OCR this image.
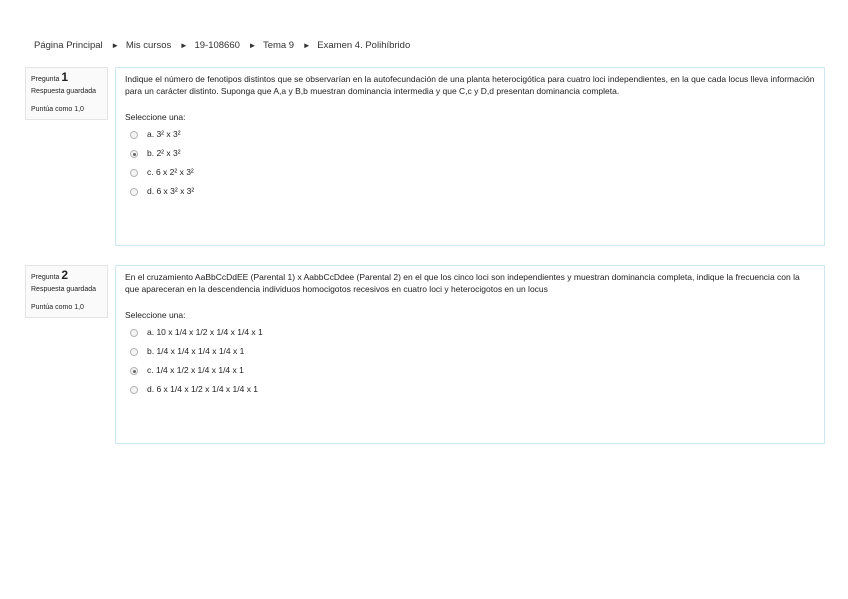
Página Principal ► Mis cursos ► 19-108660 ► Tema 9 ► Examen 4. Polihíbrido
Pregunta 1
Respuesta guardada
Puntúa como 1,0

Indique el número de fenotipos distintos que se observarían en la autofecundación de una planta heterocigótica para cuatro loci independientes, en la que cada locus lleva información para un carácter distinto. Suponga que A,a y B,b muestran dominancia intermedia y que C,c y D,d presentan dominancia completa.

Seleccione una:
a. 3² x 3²
b. 2² x 3²
c. 6 x 2² x 3²
d. 6 x 3² x 3²
Pregunta 2
Respuesta guardada
Puntúa como 1,0

En el cruzamiento AaBbCcDdEE (Parental 1) x AabbCcDdee (Parental 2) en el que los cinco loci son independientes y muestran dominancia completa, indique la frecuencia con la que apareceran en la descendencia individuos homocigotos recesivos en cuatro loci y heterocigotos en un locus

Seleccione una:
a. 10 x 1/4 x 1/2 x 1/4 x 1/4 x 1
b. 1/4 x 1/4 x 1/4 x 1/4 x 1
c. 1/4 x 1/2 x 1/4 x 1/4 x 1
d. 6 x 1/4 x 1/2 x 1/4 x 1/4 x 1
